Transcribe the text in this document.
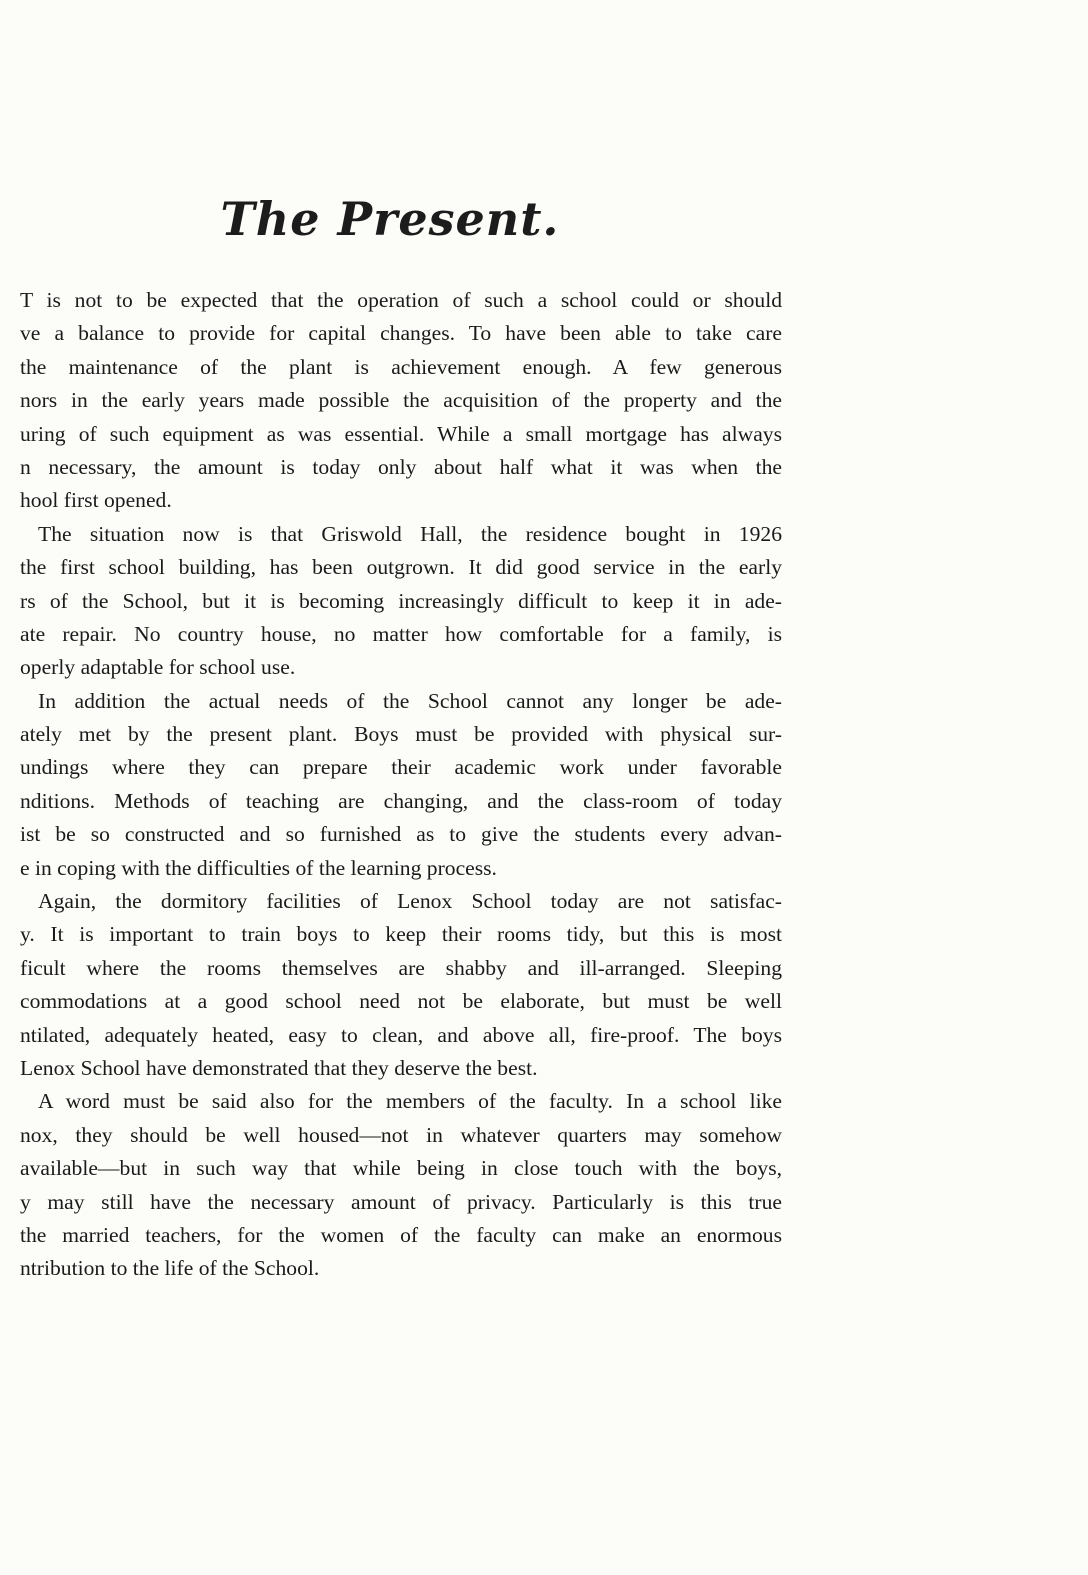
The Present.
T is not to be expected that the operation of such a school could or should
ve a balance to provide for capital changes. To have been able to take care
the maintenance of the plant is achievement enough. A few generous
nors in the early years made possible the acquisition of the property and the
uring of such equipment as was essential. While a small mortgage has always
n necessary, the amount is today only about half what it was when the
hool first opened.
The situation now is that Griswold Hall, the residence bought in 1926
the first school building, has been outgrown. It did good service in the early
rs of the School, but it is becoming increasingly difficult to keep it in ade-
ate repair. No country house, no matter how comfortable for a family, is
operly adaptable for school use.
In addition the actual needs of the School cannot any longer be ade-
ately met by the present plant. Boys must be provided with physical sur-
undings where they can prepare their academic work under favorable
nditions. Methods of teaching are changing, and the class-room of today
ist be so constructed and so furnished as to give the students every advan-
e in coping with the difficulties of the learning process.
Again, the dormitory facilities of Lenox School today are not satisfac-
y. It is important to train boys to keep their rooms tidy, but this is most
ficult where the rooms themselves are shabby and ill-arranged. Sleeping
commodations at a good school need not be elaborate, but must be well
ntilated, adequately heated, easy to clean, and above all, fire-proof. The boys
Lenox School have demonstrated that they deserve the best.
A word must be said also for the members of the faculty. In a school like
nox, they should be well housed—not in whatever quarters may somehow
available—but in such way that while being in close touch with the boys,
y may still have the necessary amount of privacy. Particularly is this true
the married teachers, for the women of the faculty can make an enormous
ntribution to the life of the School.
